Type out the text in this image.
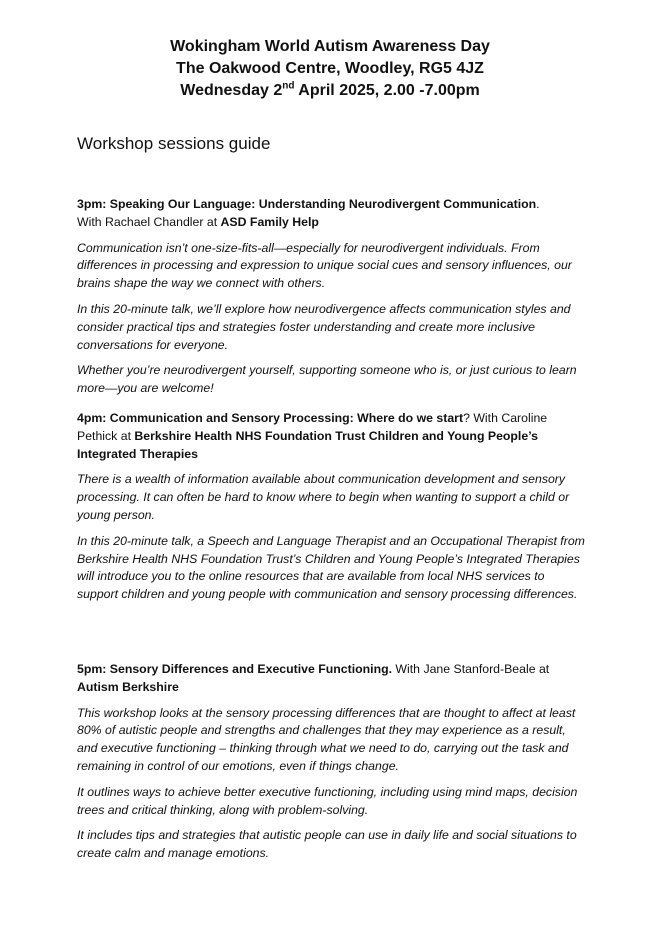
Wokingham World Autism Awareness Day
The Oakwood Centre, Woodley, RG5 4JZ
Wednesday 2nd April 2025, 2.00 -7.00pm
Workshop sessions guide

3pm: Speaking Our Language: Understanding Neurodivergent Communication.
With Rachael Chandler at ASD Family Help

Communication isn’t one-size-fits-all—especially for neurodivergent individuals. From differences in processing and expression to unique social cues and sensory influences, our brains shape the way we connect with others.

In this 20-minute talk, we’ll explore how neurodivergence affects communication styles and consider practical tips and strategies foster understanding and create more inclusive conversations for everyone.

Whether you’re neurodivergent yourself, supporting someone who is, or just curious to learn more—you are welcome!

4pm: Communication and Sensory Processing: Where do we start? With Caroline Pethick at Berkshire Health NHS Foundation Trust Children and Young People’s Integrated Therapies

There is a wealth of information available about communication development and sensory processing. It can often be hard to know where to begin when wanting to support a child or young person.

In this 20-minute talk, a Speech and Language Therapist and an Occupational Therapist from Berkshire Health NHS Foundation Trust’s Children and Young People’s Integrated Therapies will introduce you to the online resources that are available from local NHS services to support children and young people with communication and sensory processing differences.

5pm: Sensory Differences and Executive Functioning. With Jane Stanford-Beale at
Autism Berkshire

This workshop looks at the sensory processing differences that are thought to affect at least 80% of autistic people and strengths and challenges that they may experience as a result, and executive functioning – thinking through what we need to do, carrying out the task and remaining in control of our emotions, even if things change.

It outlines ways to achieve better executive functioning, including using mind maps, decision trees and critical thinking, along with problem-solving.

It includes tips and strategies that autistic people can use in daily life and social situations to create calm and manage emotions.
